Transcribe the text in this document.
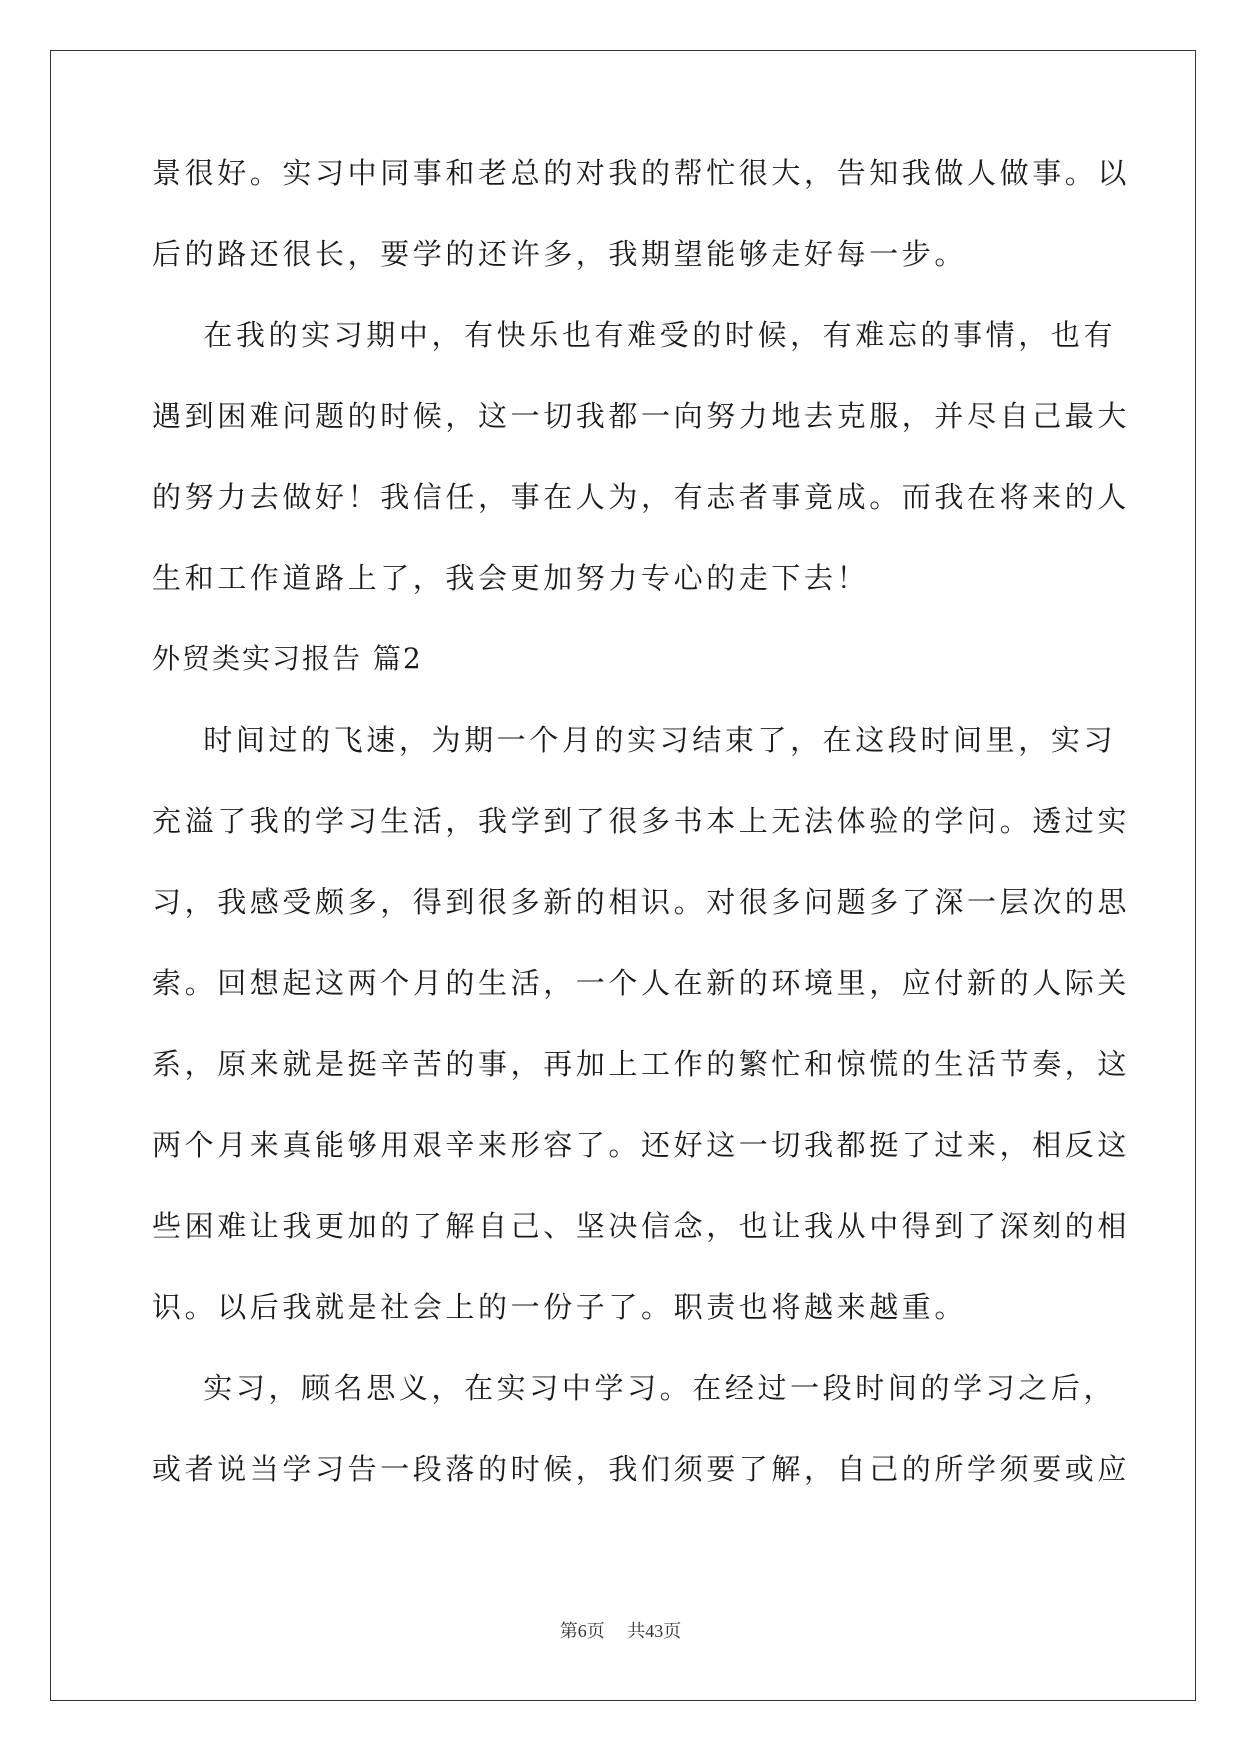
景很好。实习中同事和老总的对我的帮忙很大，告知我做人做事。以

后的路还很长，要学的还许多，我期望能够走好每一步。

在我的实习期中，有快乐也有难受的时候，有难忘的事情，也有

遇到困难问题的时候，这一切我都一向努力地去克服，并尽自己最大

的努力去做好！我信任，事在人为，有志者事竟成。而我在将来的人

生和工作道路上了，我会更加努力专心的走下去！

外贸类实习报告 篇2

时间过的飞速，为期一个月的实习结束了，在这段时间里，实习

充溢了我的学习生活，我学到了很多书本上无法体验的学问。透过实

习，我感受颇多，得到很多新的相识。对很多问题多了深一层次的思

索。回想起这两个月的生活，一个人在新的环境里，应付新的人际关

系，原来就是挺辛苦的事，再加上工作的繁忙和惊慌的生活节奏，这

两个月来真能够用艰辛来形容了。还好这一切我都挺了过来，相反这

些困难让我更加的了解自己、坚决信念，也让我从中得到了深刻的相

识。以后我就是社会上的一份子了。职责也将越来越重。

实习，顾名思义，在实习中学习。在经过一段时间的学习之后，

或者说当学习告一段落的时候，我们须要了解，自己的所学须要或应

第6页 共43页
